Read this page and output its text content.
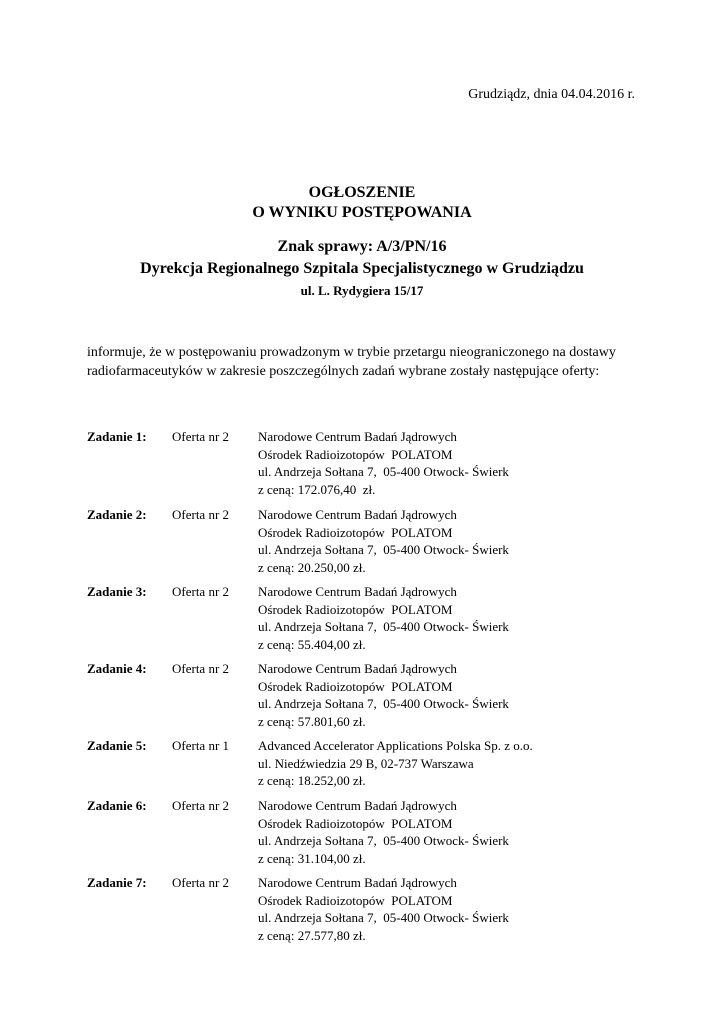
Grudziądz, dnia 04.04.2016 r.
OGŁOSZENIE
O WYNIKU POSTĘPOWANIA
Znak sprawy: A/3/PN/16
Dyrekcja Regionalnego Szpitala Specjalistycznego w Grudziądzu
ul. L. Rydygiera 15/17
informuje, że w postępowaniu prowadzonym w trybie przetargu nieograniczonego na dostawy
radiofarmaceutyków w zakresie poszczególnych zadań wybrane zostały następujące oferty:
Zadanie 1: Oferta nr 2 Narodowe Centrum Badań Jądrowych
Ośrodek Radioizotopów  POLATOM
ul. Andrzeja Sołtana 7,  05-400 Otwock- Świerk
z ceną: 172.076,40  zł.
Zadanie 2: Oferta nr 2 Narodowe Centrum Badań Jądrowych
Ośrodek Radioizotopów  POLATOM
ul. Andrzeja Sołtana 7,  05-400 Otwock- Świerk
z ceną: 20.250,00 zł.
Zadanie 3: Oferta nr 2 Narodowe Centrum Badań Jądrowych
Ośrodek Radioizotopów  POLATOM
ul. Andrzeja Sołtana 7,  05-400 Otwock- Świerk
z ceną: 55.404,00 zł.
Zadanie 4: Oferta nr 2 Narodowe Centrum Badań Jądrowych
Ośrodek Radioizotopów  POLATOM
ul. Andrzeja Sołtana 7,  05-400 Otwock- Świerk
z ceną: 57.801,60 zł.
Zadanie 5: Oferta nr 1 Advanced Accelerator Applications Polska Sp. z o.o.
ul. Niedźwiedzia 29 B, 02-737 Warszawa
z ceną: 18.252,00 zł.
Zadanie 6: Oferta nr 2 Narodowe Centrum Badań Jądrowych
Ośrodek Radioizotopów  POLATOM
ul. Andrzeja Sołtana 7,  05-400 Otwock- Świerk
z ceną: 31.104,00 zł.
Zadanie 7: Oferta nr 2 Narodowe Centrum Badań Jądrowych
Ośrodek Radioizotopów  POLATOM
ul. Andrzeja Sołtana 7,  05-400 Otwock- Świerk
z ceną: 27.577,80 zł.
